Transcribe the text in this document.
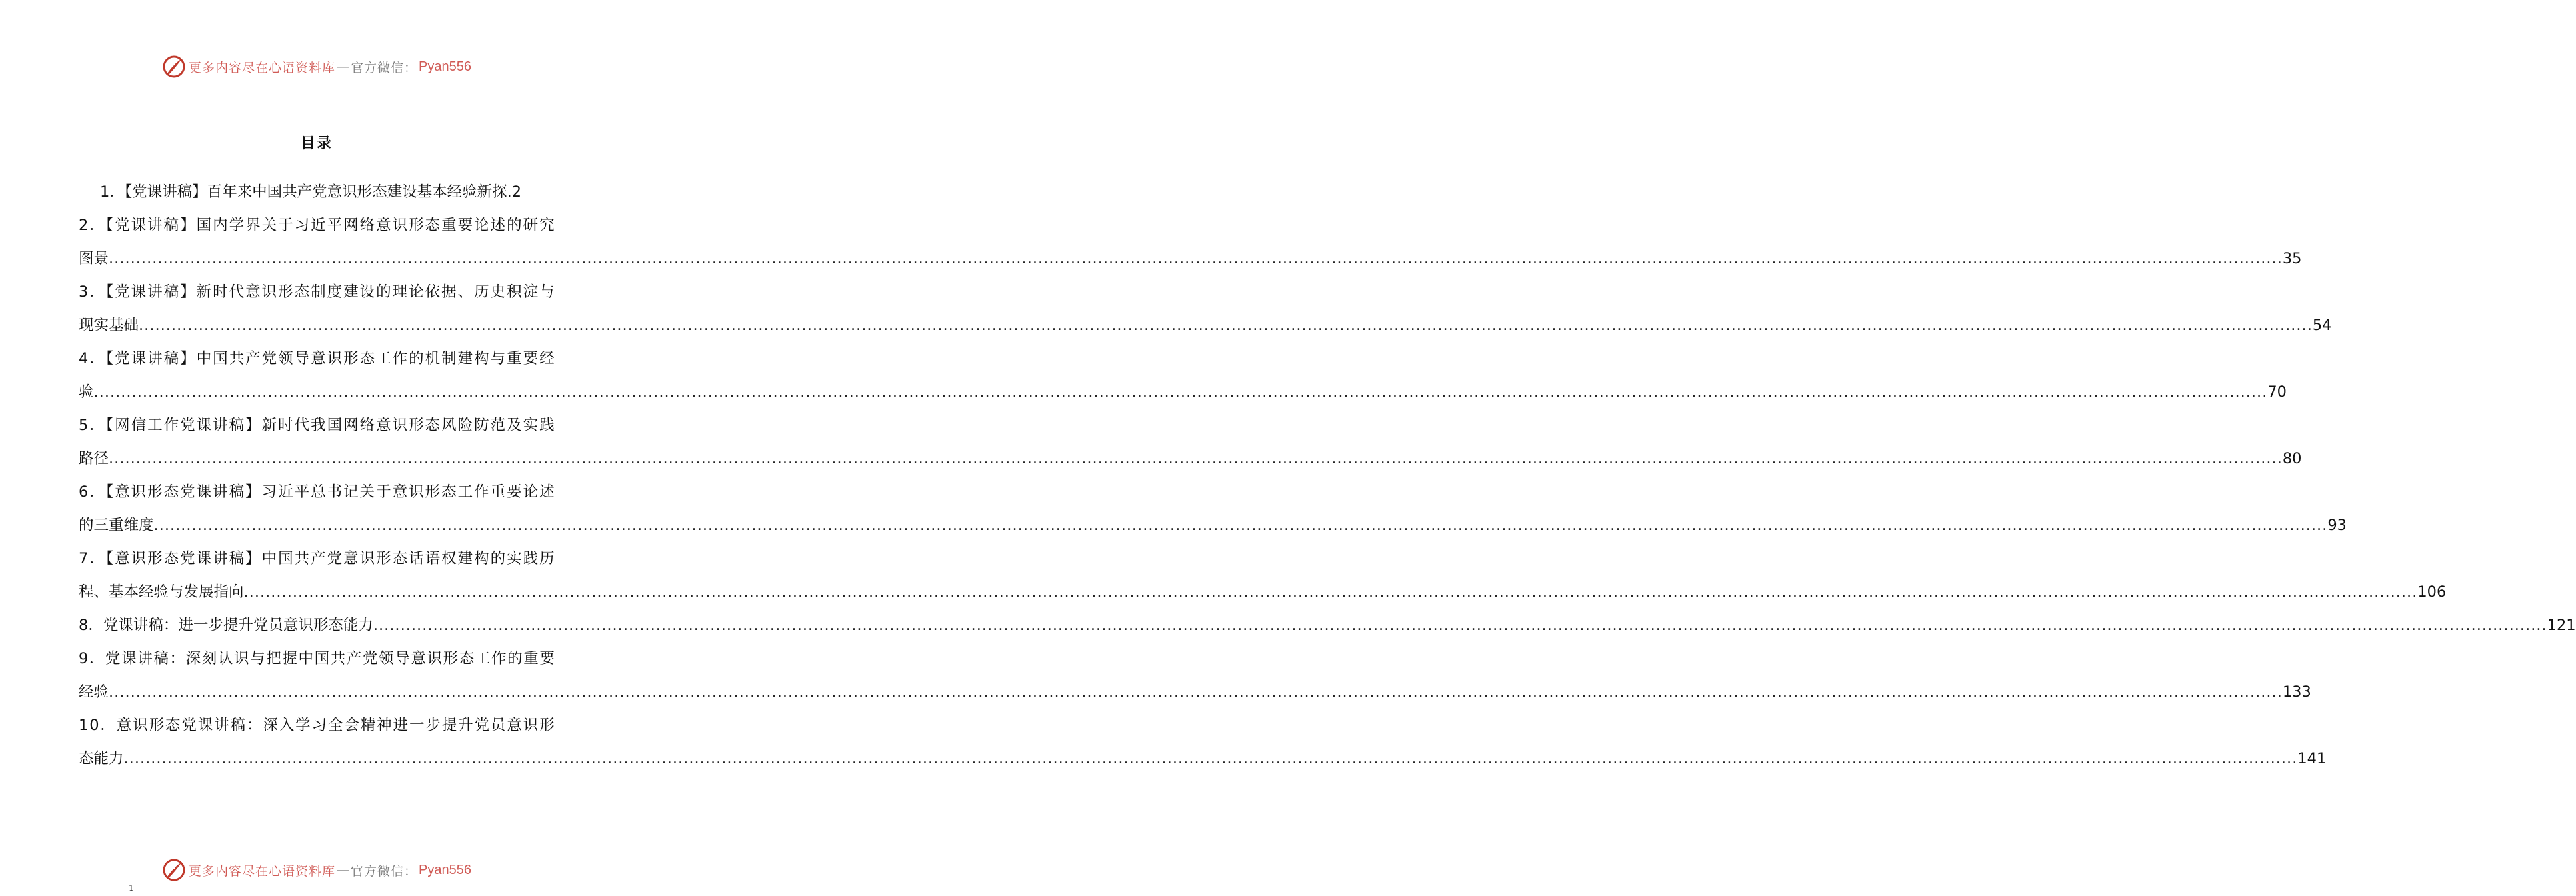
更多内容尽在心语资料库 — 官方微信： Pyan556
目录
1．【党课讲稿】百年来中国共产党意识形态建设基本经验新探.2
2．【党课讲稿】国内学界关于习近平网络意识形态重要论述的研究
图景 ................................................................................................................................................................................................................................................................................................................................................................................................................ 35
3．【党课讲稿】新时代意识形态制度建设的理论依据、历史积淀与
现实基础 ................................................................................................................................................................................................................................................................................................................................................................................................................ 54
4．【党课讲稿】中国共产党领导意识形态工作的机制建构与重要经
验 ................................................................................................................................................................................................................................................................................................................................................................................................................ 70
5．【网信工作党课讲稿】新时代我国网络意识形态风险防范及实践
路径 ................................................................................................................................................................................................................................................................................................................................................................................................................ 80
6．【意识形态党课讲稿】习近平总书记关于意识形态工作重要论述
的三重维度 ................................................................................................................................................................................................................................................................................................................................................................................................................ 93
7．【意识形态党课讲稿】中国共产党意识形态话语权建构的实践历
程、基本经验与发展指向 ................................................................................................................................................................................................................................................................................................................................................................................................................ 106
8．党课讲稿：进一步提升党员意识形态能力 ................................................................................................................................................................................................................................................................................................................................................................................................................ 121
9．党课讲稿：深刻认识与把握中国共产党领导意识形态工作的重要
经验 ................................................................................................................................................................................................................................................................................................................................................................................................................ 133
10．意识形态党课讲稿：深入学习全会精神进一步提升党员意识形
态能力 ................................................................................................................................................................................................................................................................................................................................................................................................................ 141
更多内容尽在心语资料库 — 官方微信： Pyan556
1
